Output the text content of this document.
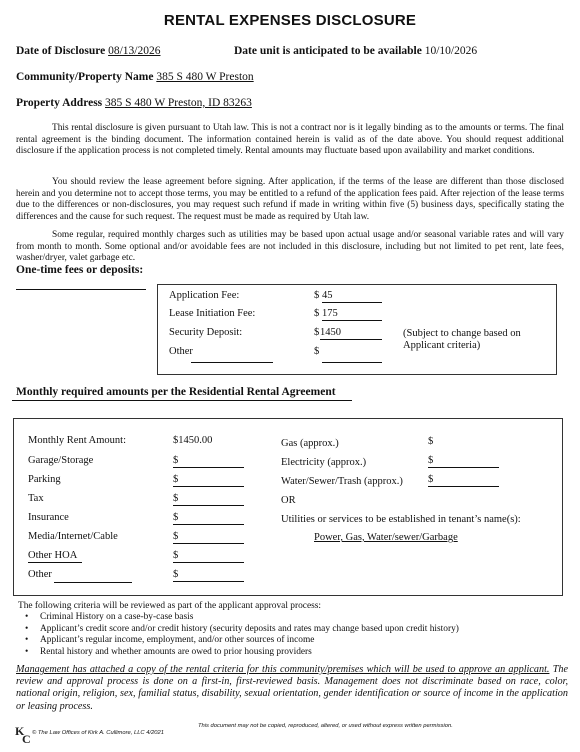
RENTAL EXPENSES DISCLOSURE
Date of Disclosure 08/13/2026	Date unit is anticipated to be available 10/10/2026
Community/Property Name 385 S 480 W Preston
Property Address 385 S 480 W Preston, ID 83263
This rental disclosure is given pursuant to Utah law. This is not a contract nor is it legally binding as to the amounts or terms. The final rental agreement is the binding document. The information contained herein is valid as of the date above. You should request additional disclosure if the application process is not completed timely. Rental amounts may fluctuate based upon availability and market conditions.
You should review the lease agreement before signing. After application, if the terms of the lease are different than those disclosed herein and you determine not to accept those terms, you may be entitled to a refund of the application fees paid. After rejection of the lease terms due to the differences or non-disclosures, you may request such refund if made in writing within five (5) business days, specifically stating the differences and the cause for such request. The request must be made as required by Utah law.
Some regular, required monthly charges such as utilities may be based upon actual usage and/or seasonal variable rates and will vary from month to month. Some optional and/or avoidable fees are not included in this disclosure, including but not limited to pet rent, late fees, washer/dryer, valet garbage etc.
One-time fees or deposits:
Application Fee:	$ 45
Lease Initiation Fee:	$ 175
Security Deposit:	$ 1450
Other	$
(Subject to change based on Applicant criteria)
Monthly required amounts per the Residential Rental Agreement
Monthly Rent Amount:	$1450.00
Garage/Storage	$
Parking	$
Tax	$
Insurance	$
Media/Internet/Cable	$
Other HOA	$
Other	$
Gas (approx.)	$
Electricity (approx.)	$
Water/Sewer/Trash (approx.) $
OR
Utilities or services to be established in tenant’s name(s):
Power, Gas, Water/sewer/Garbage
The following criteria will be reviewed as part of the applicant approval process:
• Criminal History on a case-by-case basis
• Applicant’s credit score and/or credit history (security deposits and rates may change based upon credit history)
• Applicant’s regular income, employment, and/or other sources of income
• Rental history and whether amounts are owed to prior housing providers
Management has attached a copy of the rental criteria for this community/premises which will be used to approve an applicant. The review and approval process is done on a first-in, first-reviewed basis. Management does not discriminate based on race, color, national origin, religion, sex, familial status, disability, sexual orientation, gender identification or source of income in the application or leasing process.
K
C © The Law Offices of Kirk A. Cullimore, LLC 4/2021
This document may not be copied, reproduced, altered, or used without express written permission.
